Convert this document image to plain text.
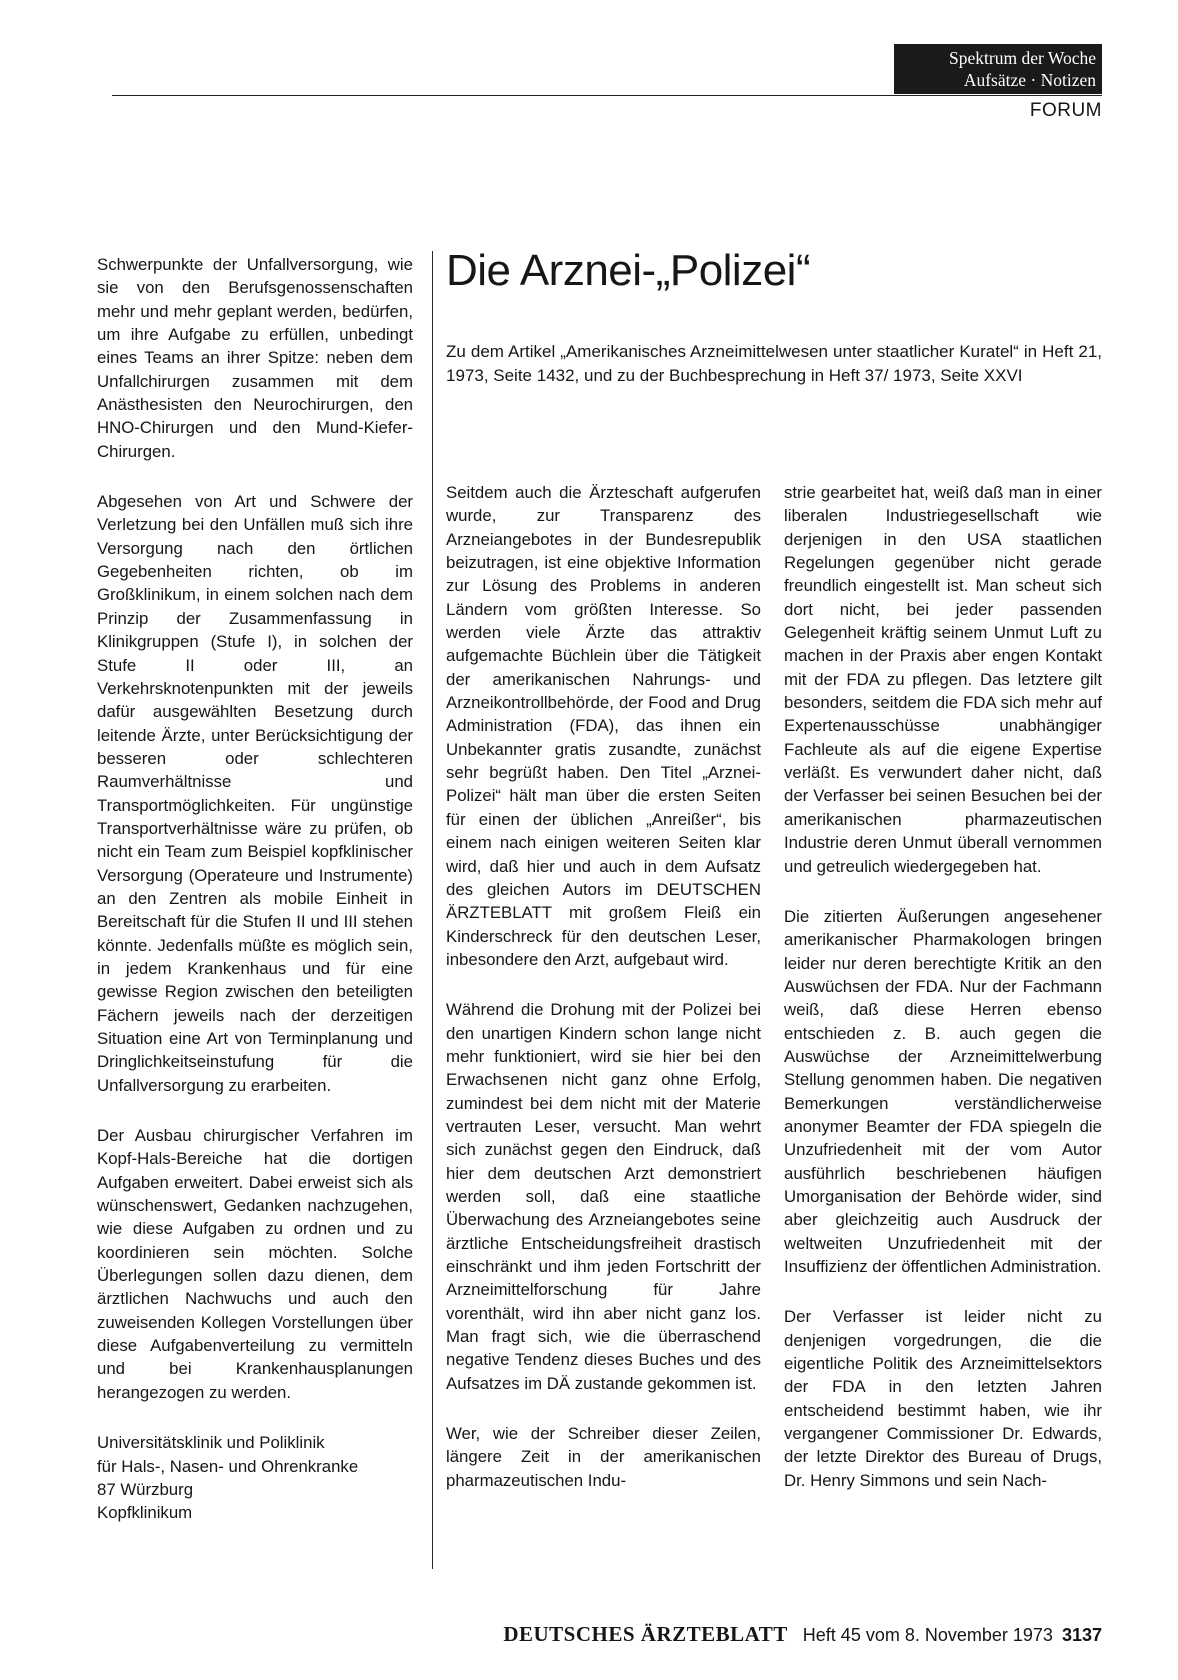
Spektrum der Woche
Aufsätze · Notizen
FORUM

Schwerpunkte der Unfallversorgung, wie sie von den Berufsgenossenschaften mehr und mehr geplant werden, bedürfen, um ihre Aufgabe zu erfüllen, unbedingt eines Teams an ihrer Spitze: neben dem Unfallchirurgen zusammen mit dem Anästhesisten den Neurochirurgen, den HNO-Chirurgen und den Mund-Kiefer-Chirurgen.

Abgesehen von Art und Schwere der Verletzung bei den Unfällen muß sich ihre Versorgung nach den örtlichen Gegebenheiten richten, ob im Großklinikum, in einem solchen nach dem Prinzip der Zusammenfassung in Klinikgruppen (Stufe I), in solchen der Stufe II oder III, an Verkehrsknotenpunkten mit der jeweils dafür ausgewählten Besetzung durch leitende Ärzte, unter Berücksichtigung der besseren oder schlechteren Raumverhältnisse und Transportmöglichkeiten. Für ungünstige Transportverhältnisse wäre zu prüfen, ob nicht ein Team zum Beispiel kopfklinischer Versorgung (Operateure und Instrumente) an den Zentren als mobile Einheit in Bereitschaft für die Stufen II und III stehen könnte. Jedenfalls müßte es möglich sein, in jedem Krankenhaus und für eine gewisse Region zwischen den beteiligten Fächern jeweils nach der derzeitigen Situation eine Art von Terminplanung und Dringlichkeitseinstufung für die Unfallversorgung zu erarbeiten.

Der Ausbau chirurgischer Verfahren im Kopf-Hals-Bereiche hat die dortigen Aufgaben erweitert. Dabei erweist sich als wünschenswert, Gedanken nachzugehen, wie diese Aufgaben zu ordnen und zu koordinieren sein möchten. Solche Überlegungen sollen dazu dienen, dem ärztlichen Nachwuchs und auch den zuweisenden Kollegen Vorstellungen über diese Aufgabenverteilung zu vermitteln und bei Krankenhausplanungen herangezogen zu werden.

Universitätsklinik und Poliklinik
für Hals-, Nasen- und Ohrenkranke
87 Würzburg
Kopfklinikum
Die Arznei-„Polizei“

Zu dem Artikel „Amerikanisches Arzneimittelwesen unter staatlicher Kuratel“ in Heft 21, 1973, Seite 1432, und zu der Buchbesprechung in Heft 37/ 1973, Seite XXVI

Seitdem auch die Ärzteschaft aufgerufen wurde, zur Transparenz des Arzneiangebotes in der Bundesrepublik beizutragen, ist eine objektive Information zur Lösung des Problems in anderen Ländern vom größten Interesse. So werden viele Ärzte das attraktiv aufgemachte Büchlein über die Tätigkeit der amerikanischen Nahrungs- und Arzneikontrollbehörde, der Food and Drug Administration (FDA), das ihnen ein Unbekannter gratis zusandte, zunächst sehr begrüßt haben. Den Titel „Arznei-Polizei“ hält man über die ersten Seiten für einen der üblichen „Anreißer“, bis einem nach einigen weiteren Seiten klar wird, daß hier und auch in dem Aufsatz des gleichen Autors im DEUTSCHEN ÄRZTEBLATT mit großem Fleiß ein Kinderschreck für den deutschen Leser, inbesondere den Arzt, aufgebaut wird.

Während die Drohung mit der Polizei bei den unartigen Kindern schon lange nicht mehr funktioniert, wird sie hier bei den Erwachsenen nicht ganz ohne Erfolg, zumindest bei dem nicht mit der Materie vertrauten Leser, versucht. Man wehrt sich zunächst gegen den Eindruck, daß hier dem deutschen Arzt demonstriert werden soll, daß eine staatliche Überwachung des Arzneiangebotes seine ärztliche Entscheidungsfreiheit drastisch einschränkt und ihm jeden Fortschritt der Arzneimittelforschung für Jahre vorenthält, wird ihn aber nicht ganz los. Man fragt sich, wie die überraschend negative Tendenz dieses Buches und des Aufsatzes im DÄ zustande gekommen ist.

Wer, wie der Schreiber dieser Zeilen, längere Zeit in der amerikanischen pharmazeutischen Indu-

strie gearbeitet hat, weiß daß man in einer liberalen Industriegesellschaft wie derjenigen in den USA staatlichen Regelungen gegenüber nicht gerade freundlich eingestellt ist. Man scheut sich dort nicht, bei jeder passenden Gelegenheit kräftig seinem Unmut Luft zu machen in der Praxis aber engen Kontakt mit der FDA zu pflegen. Das letztere gilt besonders, seitdem die FDA sich mehr auf Expertenausschüsse unabhängiger Fachleute als auf die eigene Expertise verläßt. Es verwundert daher nicht, daß der Verfasser bei seinen Besuchen bei der amerikanischen pharmazeutischen Industrie deren Unmut überall vernommen und getreulich wiedergegeben hat.

Die zitierten Äußerungen angesehener amerikanischer Pharmakologen bringen leider nur deren berechtigte Kritik an den Auswüchsen der FDA. Nur der Fachmann weiß, daß diese Herren ebenso entschieden z. B. auch gegen die Auswüchse der Arzneimittelwerbung Stellung genommen haben. Die negativen Bemerkungen verständlicherweise anonymer Beamter der FDA spiegeln die Unzufriedenheit mit der vom Autor ausführlich beschriebenen häufigen Umorganisation der Behörde wider, sind aber gleichzeitig auch Ausdruck der weltweiten Unzufriedenheit mit der Insuffizienz der öffentlichen Administration.

Der Verfasser ist leider nicht zu denjenigen vorgedrungen, die die eigentliche Politik des Arzneimittelsektors der FDA in den letzten Jahren entscheidend bestimmt haben, wie ihr vergangener Commissioner Dr. Edwards, der letzte Direktor des Bureau of Drugs, Dr. Henry Simmons und sein Nach-

DEUTSCHES ÄRZTEBLATT Heft 45 vom 8. November 1973 3137
